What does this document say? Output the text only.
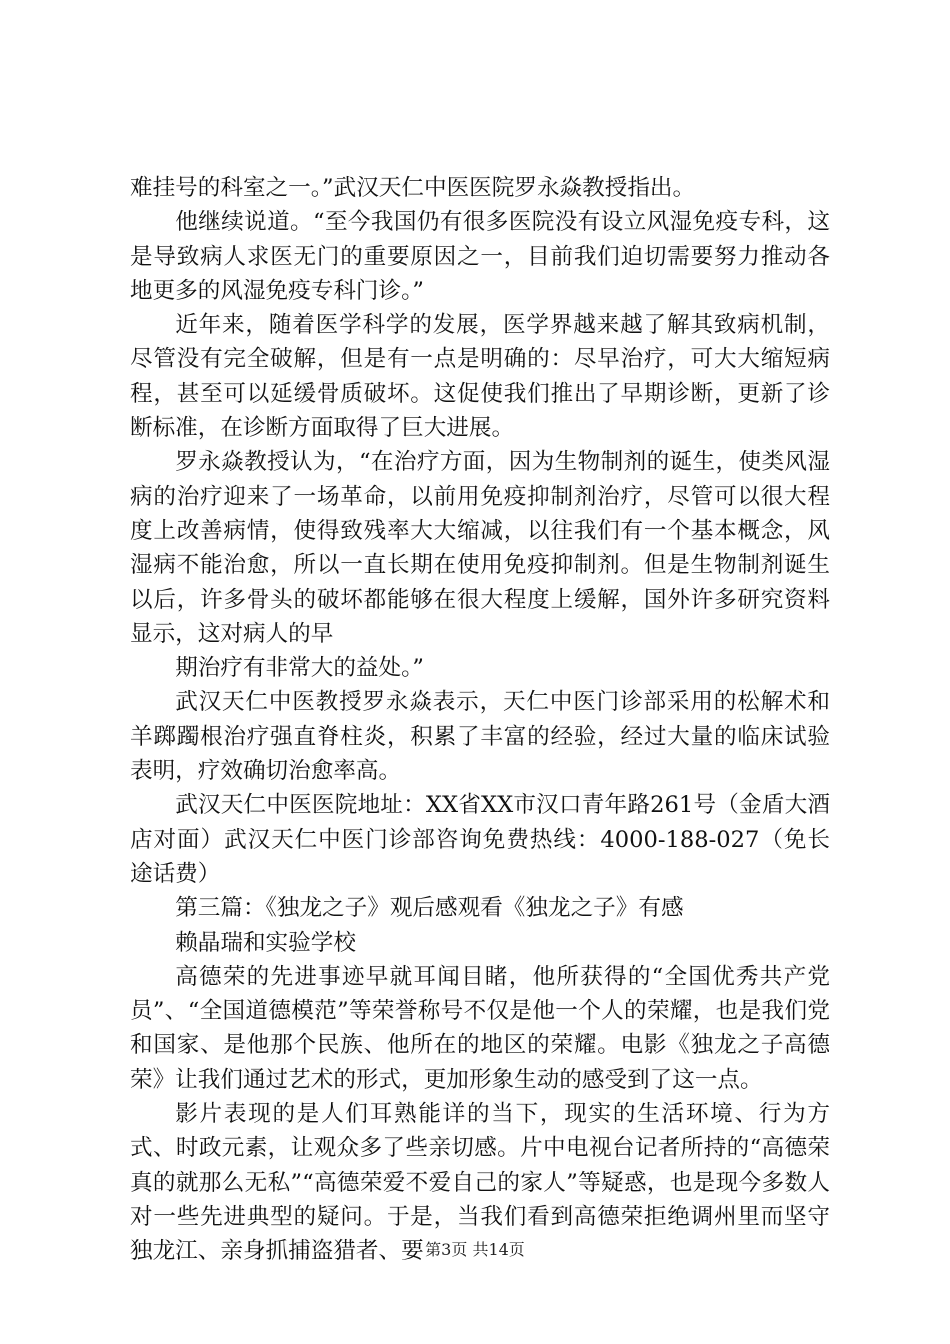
难挂号的科室之一。”武汉天仁中医医院罗永焱教授指出。

他继续说道。“至今我国仍有很多医院没有设立风湿免疫专科，这是导致病人求医无门的重要原因之一，目前我们迫切需要努力推动各地更多的风湿免疫专科门诊。”

近年来，随着医学科学的发展，医学界越来越了解其致病机制，尽管没有完全破解，但是有一点是明确的：尽早治疗，可大大缩短病程，甚至可以延缓骨质破坏。这促使我们推出了早期诊断，更新了诊断标准，在诊断方面取得了巨大进展。

罗永焱教授认为，“在治疗方面，因为生物制剂的诞生，使类风湿病的治疗迎来了一场革命，以前用免疫抑制剂治疗，尽管可以很大程度上改善病情，使得致残率大大缩减，以往我们有一个基本概念，风湿病不能治愈，所以一直长期在使用免疫抑制剂。但是生物制剂诞生以后，许多骨头的破坏都能够在很大程度上缓解，国外许多研究资料显示，这对病人的早

期治疗有非常大的益处。”

武汉天仁中医教授罗永焱表示，天仁中医门诊部采用的松解术和羊踯躅根治疗强直脊柱炎，积累了丰富的经验，经过大量的临床试验表明，疗效确切治愈率高。

武汉天仁中医医院地址：XX省XX市汉口青年路261号（金盾大酒店对面）武汉天仁中医门诊部咨询免费热线：4000-188-027（免长途话费）

第三篇：《独龙之子》观后感观看《独龙之子》有感

赖晶瑞和实验学校

高德荣的先进事迹早就耳闻目睹，他所获得的“全国优秀共产党员”、“全国道德模范”等荣誉称号不仅是他一个人的荣耀，也是我们党和国家、是他那个民族、他所在的地区的荣耀。电影《独龙之子高德荣》让我们通过艺术的形式，更加形象生动的感受到了这一点。

影片表现的是人们耳熟能详的当下，现实的生活环境、行为方式、时政元素，让观众多了些亲切感。片中电视台记者所持的“高德荣真的就那么无私”“高德荣爱不爱自己的家人”等疑惑，也是现今多数人对一些先进典型的疑问。于是，当我们看到高德荣拒绝调州里而坚守独龙江、亲身抓捕盗猎者、要 第3页 共14页
